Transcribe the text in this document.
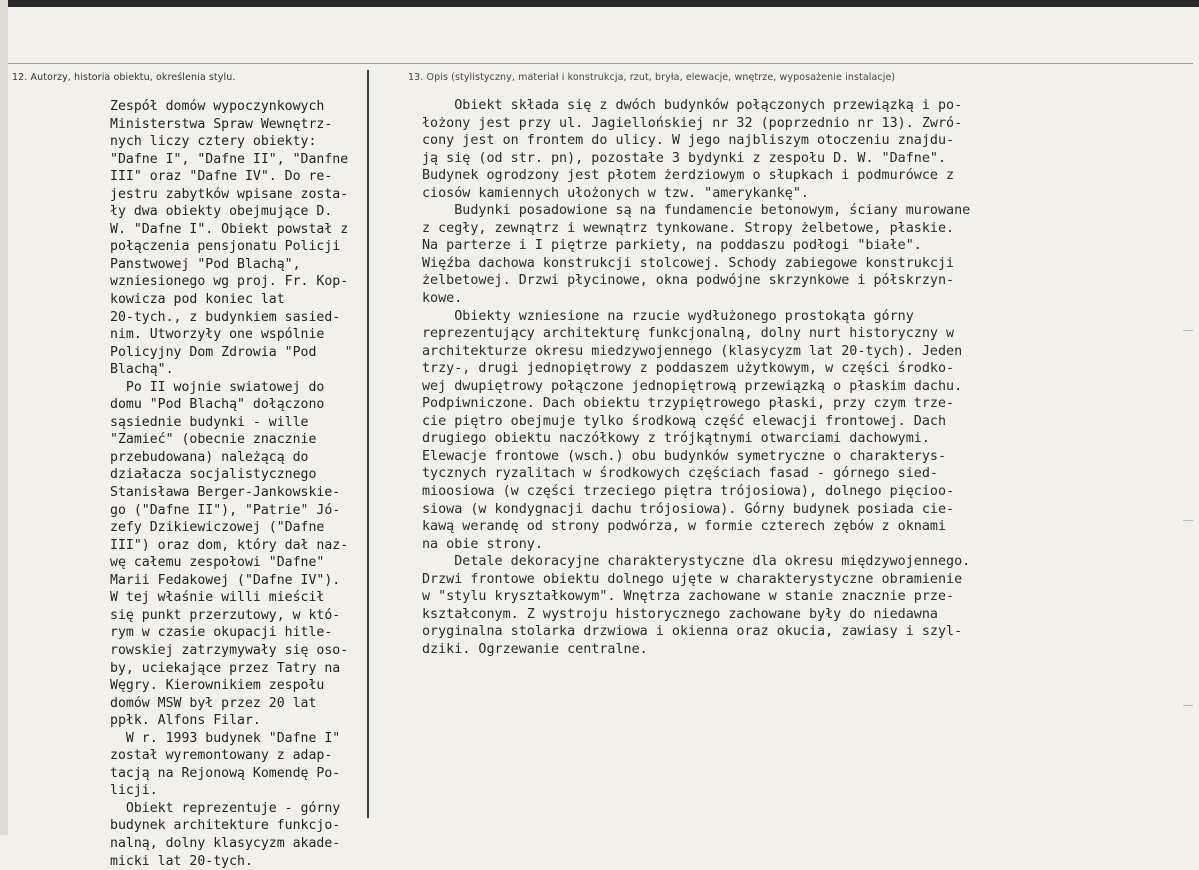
12. Autorzy, historia obiektu, określenia stylu.	13. Opis (stylistyczny, materiał i konstrukcja, rzut, bryła, elewacje, wnętrze, wyposażenie instalacje)

Zespół domów wypoczynkowych
Ministerstwa Spraw Wewnętrz-
nych liczy cztery obiekty:
"Dafne I", "Dafne II", "Danfne
III" oraz "Dafne IV". Do re-
jestru zabytków wpisane zosta-
ły dwa obiekty obejmujące D.
W. "Dafne I". Obiekt powstał z
połączenia pensjonatu Policji
Panstwowej "Pod Blachą",
wzniesionego wg proj. Fr. Kop-
kowicza pod koniec lat
20-tych., z budynkiem sasied-
nim. Utworzyły one wspólnie
Policyjny Dom Zdrowia "Pod
Blachą".

Po II wojnie swiatowej do
domu "Pod Blachą" dołączono
sąsiednie budynki - wille
"Zamieć" (obecnie znacznie
przebudowana) należącą do
działacza socjalistycznego
Stanisława Berger-Jankowskie-
go ("Dafne II"), "Patrie" Jó-
zefy Dzikiewiczowej ("Dafne
III") oraz dom, który dał naz-
wę całemu zespołowi "Dafne"
Marii Fedakowej ("Dafne IV").
W tej właśnie willi mieścił
się punkt przerzutowy, w któ-
rym w czasie okupacji hitle-
rowskiej zatrzymywały się oso-
by, uciekające przez Tatry na
Węgry. Kierownikiem zespołu
domów MSW był przez 20 lat
ppłk. Alfons Filar.

W r. 1993 budynek "Dafne I"
został wyremontowany z adap-
tacją na Rejonową Komendę Po-
licji.

Obiekt reprezentuje - górny
budynek architekture funkcjo-
nalną, dolny klasycyzm akade-
micki lat 20-tych.

Obiekt składa się z dwóch budynków połączonych przewiązką i po-
łożony jest przy ul. Jagiellońskiej nr 32 (poprzednio nr 13). Zwró-
cony jest on frontem do ulicy. W jego najbliszym otoczeniu znajdu-
ją się (od str. pn), pozostałe 3 bydynki z zespołu D. W. "Dafne".
Budynek ogrodzony jest płotem żerdziowym o słupkach i podmurówce z
ciosów kamiennych ułożonych w tzw. "amerykankę".

Budynki posadowione są na fundamencie betonowym, ściany murowane
z cegły, zewnątrz i wewnątrz tynkowane. Stropy żelbetowe, płaskie.
Na parterze i I piętrze parkiety, na poddaszu podłogi "białe".
Więźba dachowa konstrukcji stolcowej. Schody zabiegowe konstrukcji
żelbetowej. Drzwi płycinowe, okna podwójne skrzynkowe i półskrzyn-
kowe.

Obiekty wzniesione na rzucie wydłużonego prostokąta górny
reprezentujący architekturę funkcjonalną, dolny nurt historyczny w
architekturze okresu miedzywojennego (klasycyzm lat 20-tych). Jeden
trzy-, drugi jednopiętrowy z poddaszem użytkowym, w części środko-
wej dwupiętrowy połączone jednopiętrową przewiązką o płaskim dachu.
Podpiwniczone. Dach obiektu trzypiętrowego płaski, przy czym trze-
cie piętro obejmuje tylko środkową część elewacji frontowej. Dach
drugiego obiektu naczółkowy z trójkątnymi otwarciami dachowymi.
Elewacje frontowe (wsch.) obu budynków symetryczne o charakterys-
tycznych ryzalitach w środkowych częściach fasad - górnego sied-
mioosiowa (w części trzeciego piętra trójosiowa), dolnego pięcioo-
siowa (w kondygnacji dachu trójosiowa). Górny budynek posiada cie-
kawą werandę od strony podwórza, w formie czterech zębów z oknami
na obie strony.

Detale dekoracyjne charakterystyczne dla okresu międzywojennego.
Drzwi frontowe obiektu dolnego ujęte w charakterystyczne obramienie
w "stylu kryształkowym". Wnętrza zachowane w stanie znacznie prze-
kształconym. Z wystroju historycznego zachowane były do niedawna
oryginalna stolarka drzwiowa i okienna oraz okucia, zawiasy i szyl-
dziki. Ogrzewanie centralne.
